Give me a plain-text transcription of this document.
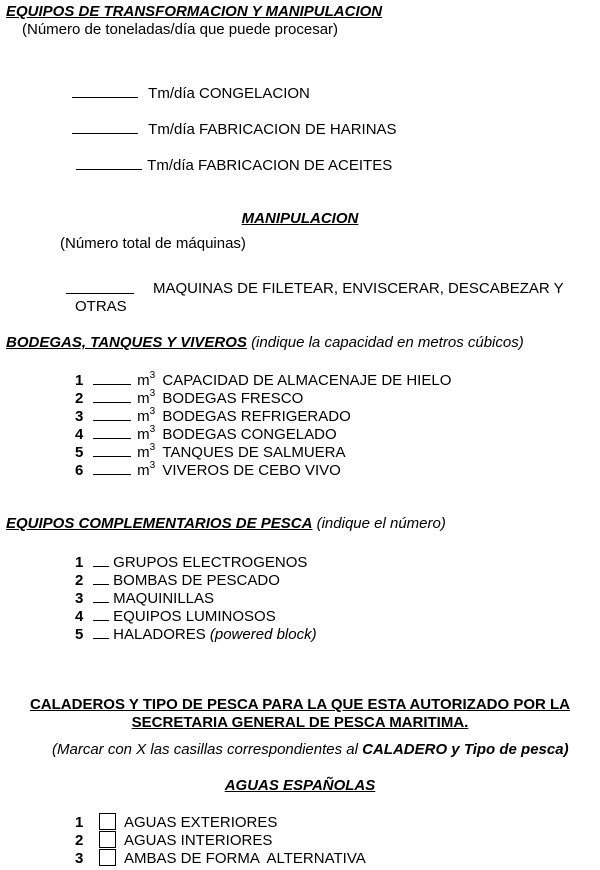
EQUIPOS DE TRANSFORMACION Y MANIPULACION
(Número de toneladas/día que puede procesar)
Tm/día CONGELACION
Tm/día FABRICACION DE HARINAS
Tm/día FABRICACION DE ACEITES
MANIPULACION
(Número total de máquinas)
MAQUINAS DE FILETEAR, ENVISCERAR, DESCABEZAR Y
OTRAS
BODEGAS, TANQUES Y VIVEROS (indique la capacidad en metros cúbicos)
1	$m^3$ CAPACIDAD DE ALMACENAJE DE HIELO
2	$m^3$ BODEGAS FRESCO
3	$m^3$ BODEGAS REFRIGERADO
4	$m^3$ BODEGAS CONGELADO
5	$m^3$ TANQUES DE SALMUERA
6	$m^3$ VIVEROS DE CEBO VIVO
EQUIPOS COMPLEMENTARIOS DE PESCA (indique el número)
1 GRUPOS ELECTROGENOS
2 BOMBAS DE PESCADO
3 MAQUINILLAS
4 EQUIPOS LUMINOSOS
5 HALADORES (powered block)
CALADEROS Y TIPO DE PESCA PARA LA QUE ESTA AUTORIZADO POR LA
SECRETARIA GENERAL DE PESCA MARITIMA.
(Marcar con X las casillas correspondientes al CALADERO y Tipo de pesca)
AGUAS ESPAÑOLAS
1	AGUAS EXTERIORES
2	AGUAS INTERIORES
3	AMBAS DE FORMA  ALTERNATIVA
